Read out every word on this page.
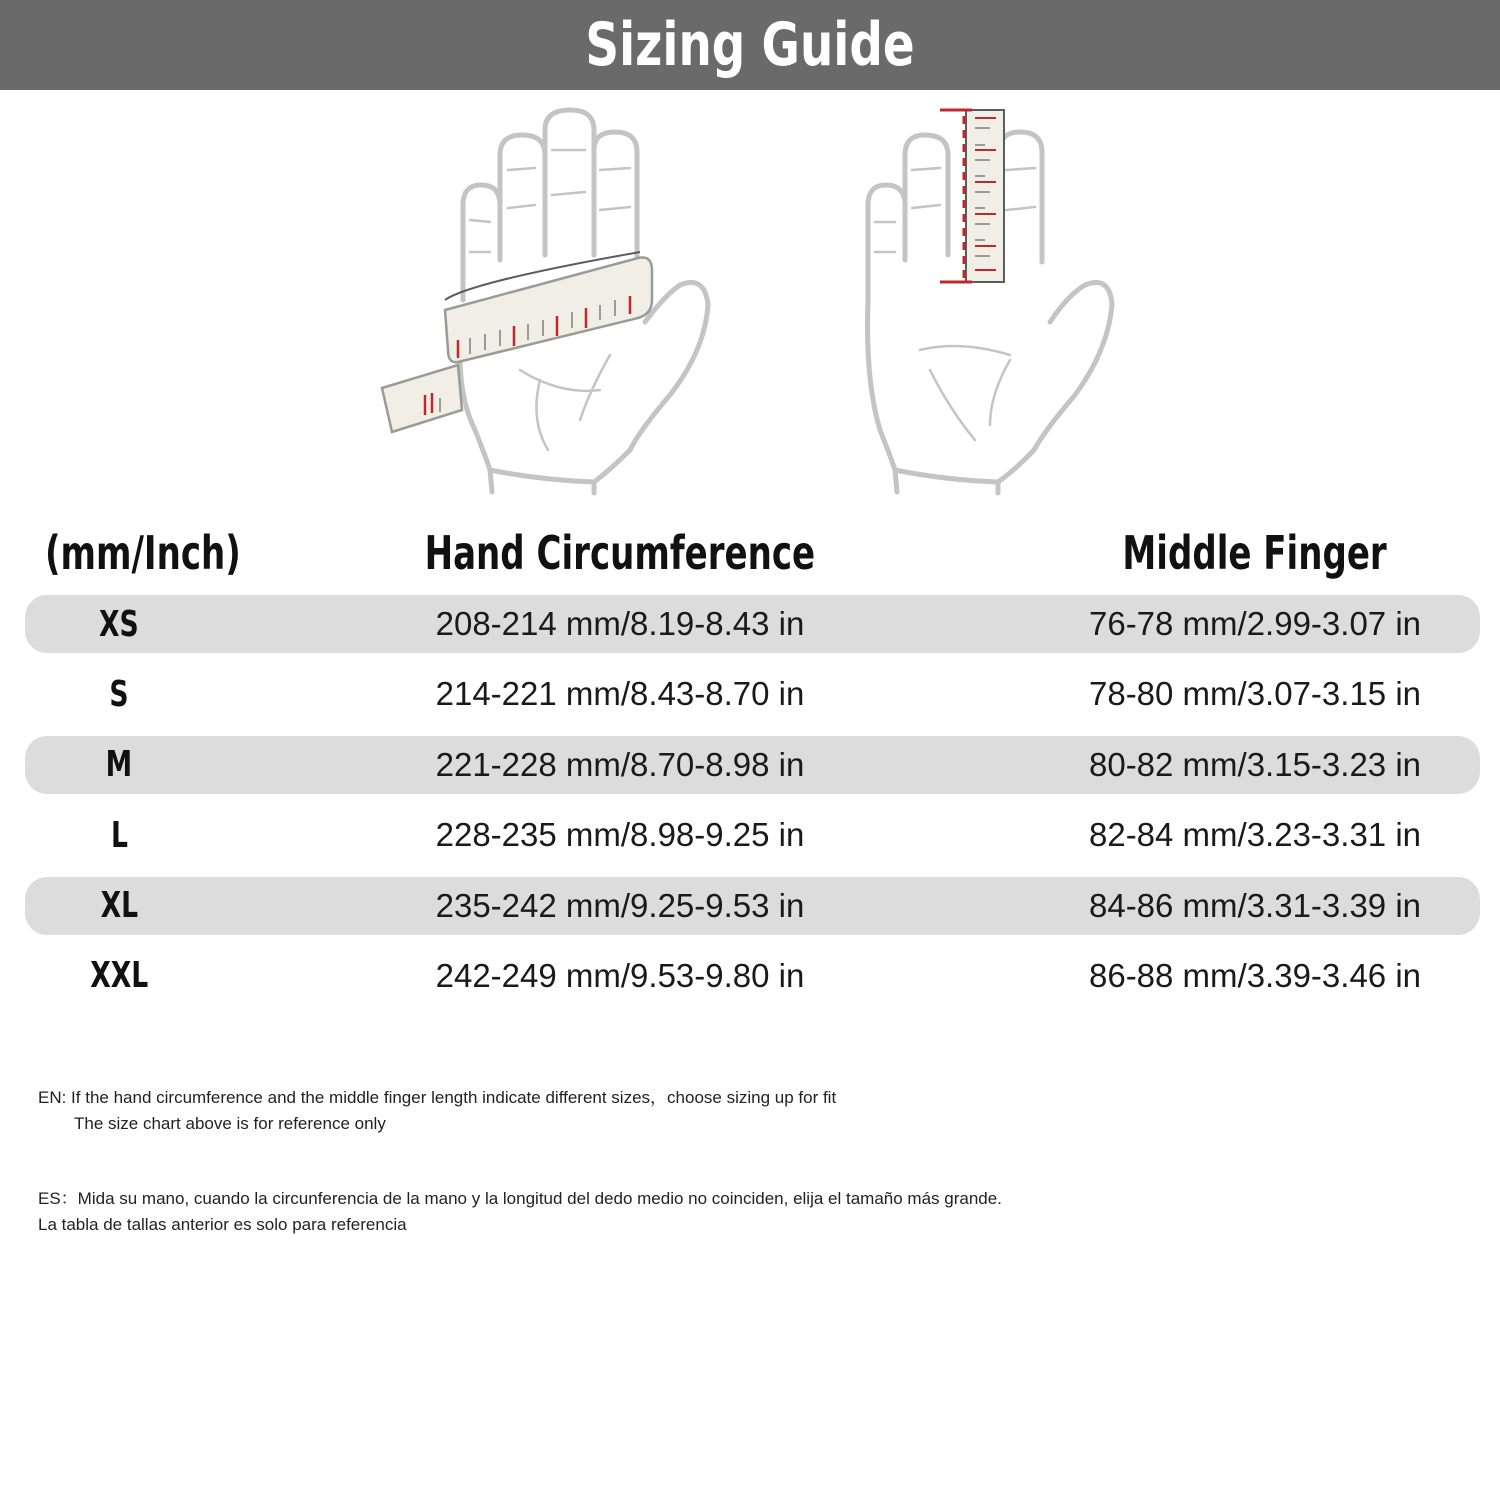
Sizing Guide
(mm/Inch)	Hand Circumference	Middle Finger
XS	208-214 mm/8.19-8.43 in	76-78 mm/2.99-3.07 in
S	214-221 mm/8.43-8.70 in	78-80 mm/3.07-3.15 in
M	221-228 mm/8.70-8.98 in	80-82 mm/3.15-3.23 in
L	228-235 mm/8.98-9.25 in	82-84 mm/3.23-3.31 in
XL	235-242 mm/9.25-9.53 in	84-86 mm/3.31-3.39 in
XXL	242-249 mm/9.53-9.80 in	86-88 mm/3.39-3.46 in
EN: If the hand circumference and the middle finger length indicate different sizes，choose sizing up for fit
The size chart above is for reference only
ES：Mida su mano, cuando la circunferencia de la mano y la longitud del dedo medio no coinciden, elija el tamaño más grande.
La tabla de tallas anterior es solo para referencia
